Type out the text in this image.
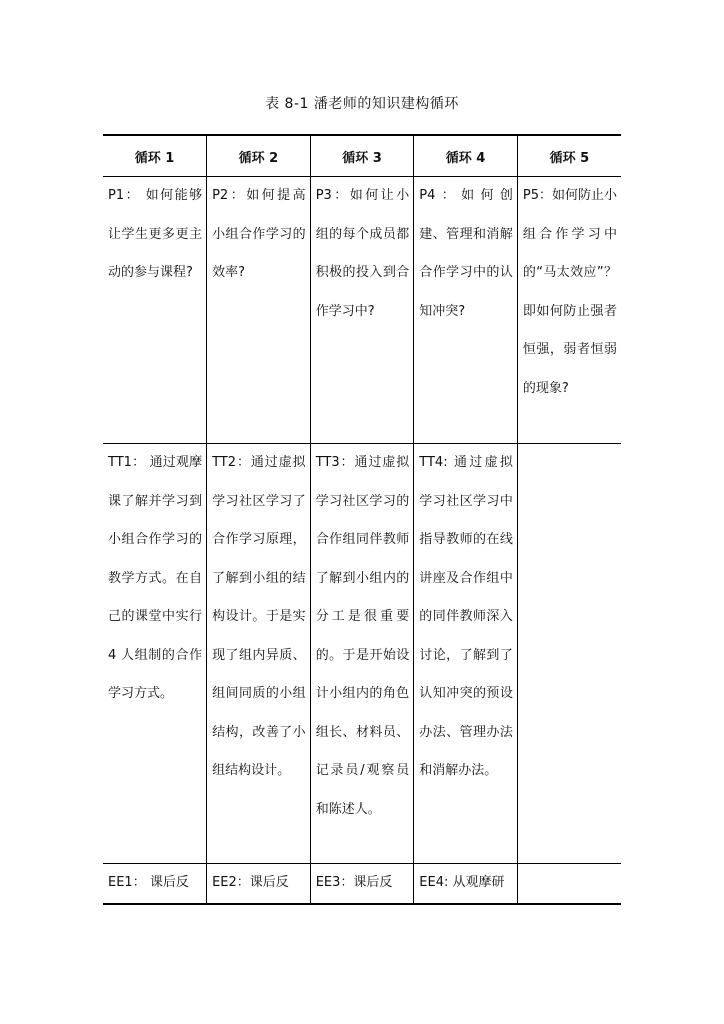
表 8-1 潘老师的知识建构循环
循环 1	循环 2	循环 3	循环 4	循环 5

P1： 如何能够让学生更多更主动的参与课程?	P2：如何提高小组合作学习的效率?	P3：如何让小组的每个成员都积极的投入到合作学习中?	P4：如何创建、管理和消解合作学习中的认知冲突?	P5：如何防止小组合作学习中的“马太效应”？ 即如何防止强者恒强，弱者恒弱的现象?

TT1： 通过观摩课了解并学习到小组合作学习的教学方式。在自己的课堂中实行 4 人组制的合作学习方式。	TT2：通过虚拟学习社区学习了合作学习原理，了解到小组的结构设计。于是实现了组内异质、组间同质的小组结构，改善了小组结构设计。	TT3：通过虚拟学习社区学习的合作组同伴教师了解到小组内的分工是很重要的。于是开始设计小组内的角色组长、材料员、记录员/观察员和陈述人。	TT4: 通过虚拟学习社区学习中指导教师的在线讲座及合作组中的同伴教师深入讨论，了解到了认知冲突的预设办法、管理办法和消解办法。	

EE1： 课后反	EE2：课后反	EE3：课后反	EE4: 从观摩研	
